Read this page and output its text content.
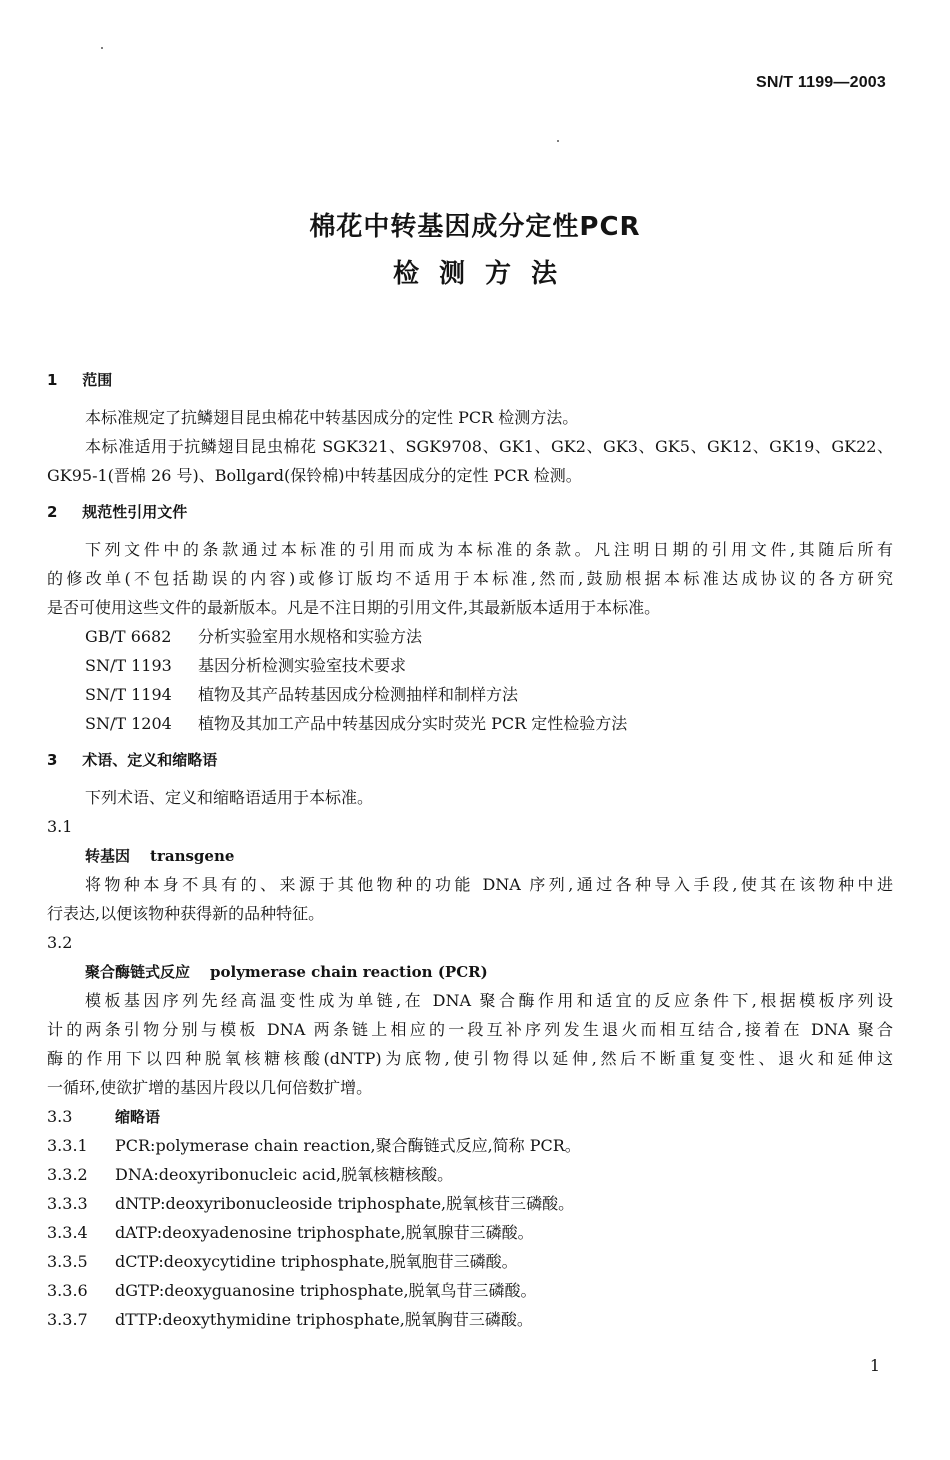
SN/T 1199—2003
棉花中转基因成分定性PCR
检测方法
1 范围
本标准规定了抗鳞翅目昆虫棉花中转基因成分的定性 PCR 检测方法。
本标准适用于抗鳞翅目昆虫棉花 SGK321、SGK9708、GK1、GK2、GK3、GK5、GK12、GK19、GK22、
GK95-1(晋棉 26 号)、Bollgard(保铃棉)中转基因成分的定性 PCR 检测。
2 规范性引用文件
下列文件中的条款通过本标准的引用而成为本标准的条款。凡注明日期的引用文件,其随后所有
的修改单(不包括勘误的内容)或修订版均不适用于本标准,然而,鼓励根据本标准达成协议的各方研究
是否可使用这些文件的最新版本。凡是不注日期的引用文件,其最新版本适用于本标准。
GB/T 6682 分析实验室用水规格和实验方法
SN/T 1193 基因分析检测实验室技术要求
SN/T 1194 植物及其产品转基因成分检测抽样和制样方法
SN/T 1204 植物及其加工产品中转基因成分实时荧光 PCR 定性检验方法
3 术语、定义和缩略语
下列术语、定义和缩略语适用于本标准。
3.1
转基因 transgene
将物种本身不具有的、来源于其他物种的功能 DNA 序列,通过各种导入手段,使其在该物种中进
行表达,以便该物种获得新的品种特征。
3.2
聚合酶链式反应 polymerase chain reaction (PCR)
模板基因序列先经高温变性成为单链,在 DNA 聚合酶作用和适宜的反应条件下,根据模板序列设
计的两条引物分别与模板 DNA 两条链上相应的一段互补序列发生退火而相互结合,接着在 DNA 聚合
酶的作用下以四种脱氧核糖核酸(dNTP)为底物,使引物得以延伸,然后不断重复变性、退火和延伸这
一循环,使欲扩增的基因片段以几何倍数扩增。
3.3	缩略语
3.3.1 PCR:polymerase chain reaction,聚合酶链式反应,简称 PCR。
3.3.2 DNA:deoxyribonucleic acid,脱氧核糖核酸。
3.3.3 dNTP:deoxyribonucleoside triphosphate,脱氧核苷三磷酸。
3.3.4 dATP:deoxyadenosine triphosphate,脱氧腺苷三磷酸。
3.3.5 dCTP:deoxycytidine triphosphate,脱氧胞苷三磷酸。
3.3.6 dGTP:deoxyguanosine triphosphate,脱氧鸟苷三磷酸。
3.3.7 dTTP:deoxythymidine triphosphate,脱氧胸苷三磷酸。
1
